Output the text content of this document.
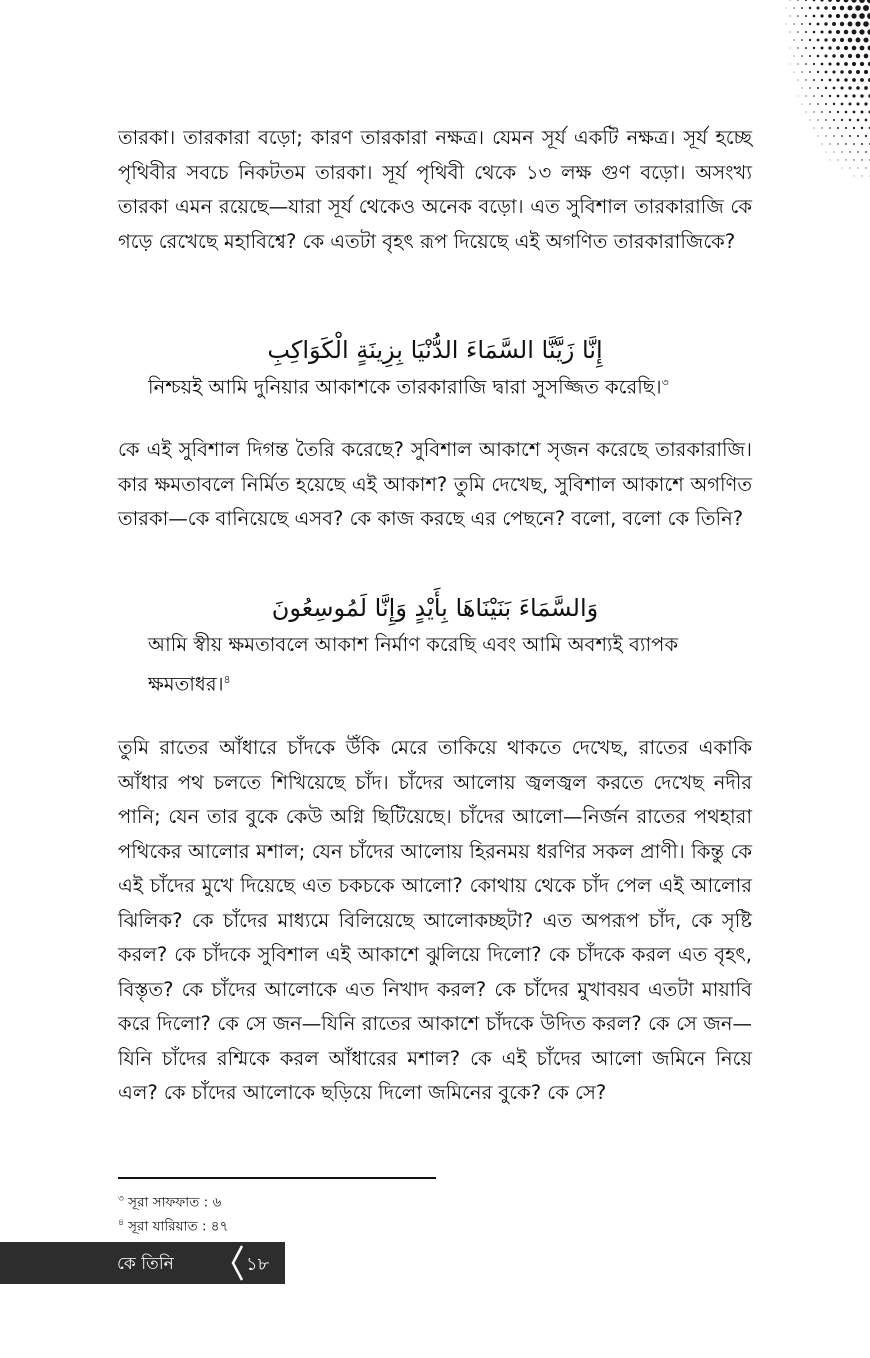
তারকা। তারকারা বড়ো; কারণ তারকারা নক্ষত্র। যেমন সূর্য একটি নক্ষত্র। সূর্য হচ্ছে পৃথিবীর সবচে নিকটতম তারকা। সূর্য পৃথিবী থেকে ১৩ লক্ষ গুণ বড়ো। অসংখ্য তারকা এমন রয়েছে—যারা সূর্য থেকেও অনেক বড়ো। এত সুবিশাল তারকারাজি কে গড়ে রেখেছে মহাবিশ্বে? কে এতটা বৃহৎ রূপ দিয়েছে এই অগণিত তারকারাজিকে?

إِنَّا زَيَّنَّا السَّمَاءَ الدُّنْيَا بِزِينَةٍ الْكَوَاكِبِ

নিশ্চয়ই আমি দুনিয়ার আকাশকে তারকারাজি দ্বারা সুসজ্জিত করেছি।$^৩$

কে এই সুবিশাল দিগন্ত তৈরি করেছে? সুবিশাল আকাশে সৃজন করেছে তারকারাজি। কার ক্ষমতাবলে নির্মিত হয়েছে এই আকাশ? তুমি দেখেছ, সুবিশাল আকাশে অগণিত তারকা—কে বানিয়েছে এসব? কে কাজ করছে এর পেছনে? বলো, বলো কে তিনি?

وَالسَّمَاءَ بَنَيْنَاهَا بِأَيْدٍ وَإِنَّا لَمُوسِعُونَ

আমি স্বীয় ক্ষমতাবলে আকাশ নির্মাণ করেছি এবং আমি অবশ্যই ব্যাপক ক্ষমতাধর।$^৪$

তুমি রাতের আঁধারে চাঁদকে উঁকি মেরে তাকিয়ে থাকতে দেখেছ, রাতের একাকি আঁধার পথ চলতে শিখিয়েছে চাঁদ। চাঁদের আলোয় জ্বলজ্বল করতে দেখেছ নদীর পানি; যেন তার বুকে কেউ অগ্নি ছিটিয়েছে। চাঁদের আলো—নির্জন রাতের পথহারা পথিকের আলোর মশাল; যেন চাঁদের আলোয় হিরনময় ধরণির সকল প্রাণী। কিন্তু কে এই চাঁদের মুখে দিয়েছে এত চকচকে আলো? কোথায় থেকে চাঁদ পেল এই আলোর ঝিলিক? কে চাঁদের মাধ্যমে বিলিয়েছে আলোকচ্ছটা? এত অপরূপ চাঁদ, কে সৃষ্টি করল? কে চাঁদকে সুবিশাল এই আকাশে ঝুলিয়ে দিলো? কে চাঁদকে করল এত বৃহৎ, বিস্তৃত? কে চাঁদের আলোকে এত নিখাদ করল? কে চাঁদের মুখাবয়ব এতটা মায়াবি করে দিলো? কে সে জন—যিনি রাতের আকাশে চাঁদকে উদিত করল? কে সে জন—যিনি চাঁদের রশ্মিকে করল আঁধারের মশাল? কে এই চাঁদের আলো জমিনে নিয়ে এল? কে চাঁদের আলোকে ছড়িয়ে দিলো জমিনের বুকে? কে সে?

$^৩$ সূরা সাফফাত : ৬

$^৪$ সূরা যারিয়াত : ৪৭

কে তিনি	১৮
